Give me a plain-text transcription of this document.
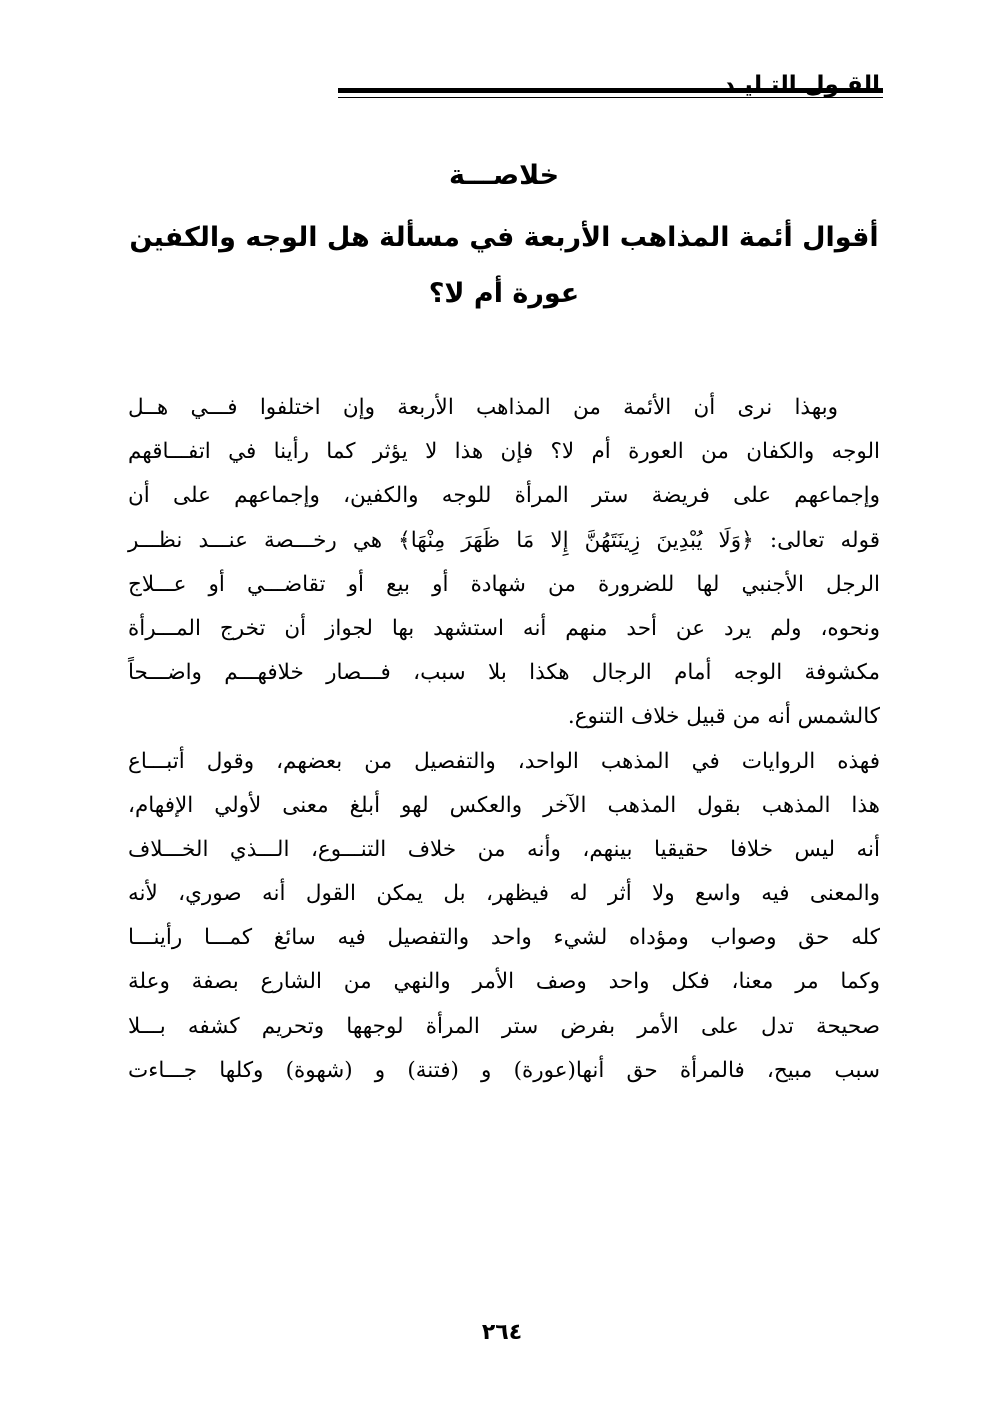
القـول التـليـد
خلاصـــة
أقوال أئمة المذاهب الأربعة في مسألة هل الوجه والكفين
عورة أم لا؟
وبهذا نرى أن الأئمة من المذاهب الأربعة وإن اختلفوا فـــي هــل
الوجه والكفان من العورة أم لا؟ فإن هذا لا يؤثر كما رأينا في اتفـــاقهم
وإجماعهم على فريضة ستر المرأة للوجه والكفين، وإجماعهم على أن
قوله تعالى: ﴿وَلَا يُبْدِينَ زِينَتَهُنَّ إِلا مَا ظَهَرَ مِنْهَا﴾ هي رخـــصة عنـــد نظـــر
الرجل الأجنبي لها للضرورة من شهادة أو بيع أو تقاضـــي أو عـــلاج
ونحوه، ولم يرد عن أحد منهم أنه استشهد بها لجواز أن تخرج المـــرأة
مكشوفة الوجه أمام الرجال هكذا بلا سبب، فـــصار خلافهـــم واضـــحاً
كالشمس أنه من قبيل خلاف التنوع.
فهذه الروايات في المذهب الواحد، والتفصيل من بعضهم، وقول أتبـــاع
هذا المذهب بقول المذهب الآخر والعكس لهو أبلغ معنى لأولي الإفهام،
أنه ليس خلافا حقيقيا بينهم، وأنه من خلاف التنـــوع، الـــذي الخـــلاف
والمعنى فيه واسع ولا أثر له فيظهر، بل يمكن القول أنه صوري، لأنه
كله حق وصواب ومؤداه لشيء واحد والتفصيل فيه سائغ كمـــا رأينـــا
وكما مر معنا، فكل واحد وصف الأمر والنهي من الشارع بصفة وعلة
صحيحة تدل على الأمر بفرض ستر المرأة لوجهها وتحريم كشفه بـــلا
سبب مبيح، فالمرأة حق أنها(عورة) و (فتنة) و (شهوة) وكلها جـــاءت
٢٦٤
